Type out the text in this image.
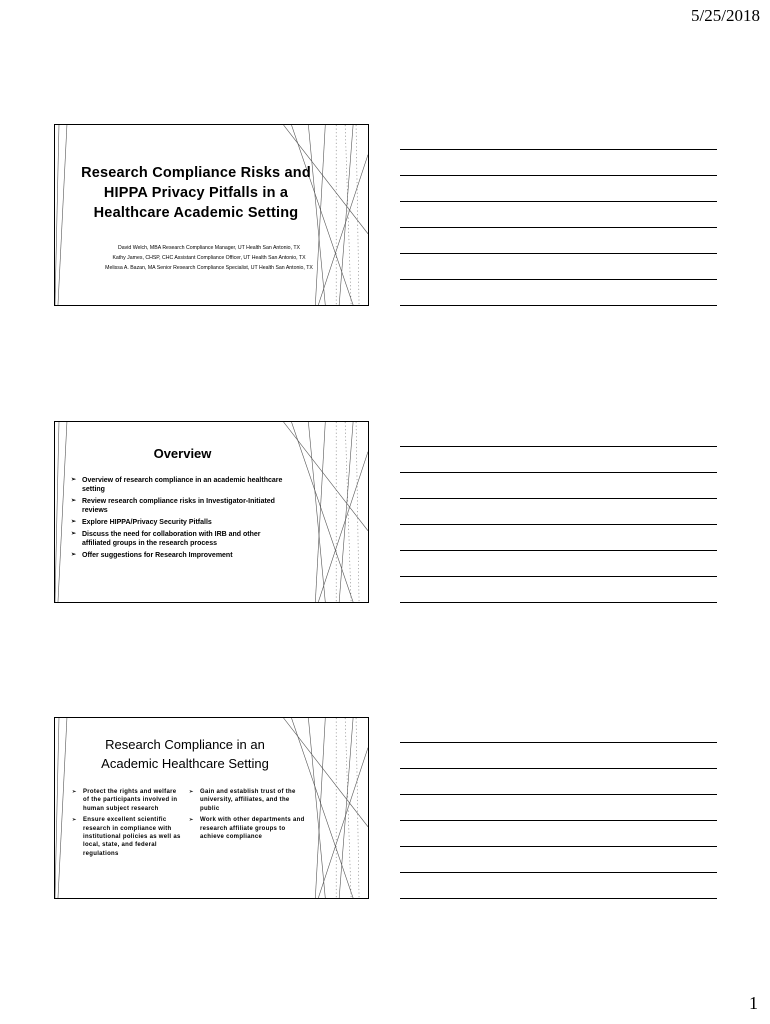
5/25/2018
Research Compliance Risks and HIPPA Privacy Pitfalls in a Healthcare Academic Setting
David Welch, MBA Research Compliance Manager, UT Health San Antonio, TX
Kathy James, CHSP, CHC Assistant Compliance Officer, UT Health San Antonio, TX
Melissa A. Bazan, MA Senior Research Compliance Specialist, UT Health San Antonio, TX
Overview
➢ Overview of research compliance in an academic healthcare setting
➢ Review research compliance risks in Investigator-Initiated reviews
➢ Explore HIPPA/Privacy Security Pitfalls
➢ Discuss the need for collaboration with IRB and other affiliated groups in the research process
➢ Offer suggestions for Research Improvement
Research Compliance in an
Academic Healthcare Setting
➢ Protect the rights and welfare of the participants involved in human subject research
➢ Ensure excellent scientific research in compliance with institutional policies as well as local, state, and federal regulations
➢ Gain and establish trust of the university, affiliates, and the public
➢ Work with other departments and research affiliate groups to achieve compliance
1
